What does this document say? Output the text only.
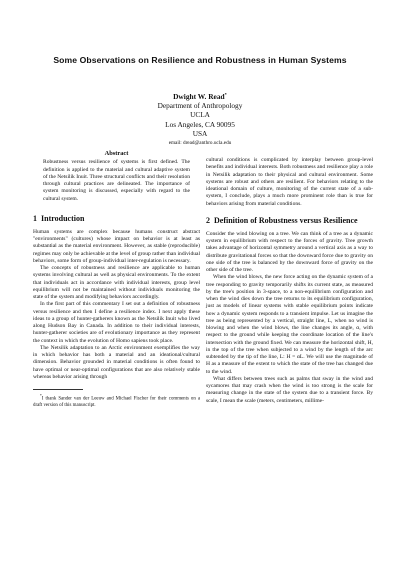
Some Observations on Resilience and Robustness in Human Systems
Dwight W. Read*
Department of Anthropology
UCLA
Los Angeles, CA 90095
USA
email: dread@anthro.ucla.edu
Abstract

Robustness versus resilience of systems is first defined. The definition is applied to the material and cultural adaptive system of the Netsilik Inuit. Three structural conflicts and their resolution through cultural practices are delineated. The importance of system monitoring is discussed, especially with regard to the cultural system.

1 Introduction

Human systems are complex because humans construct abstract "environments" (cultures) whose impact on behavior is at least as substantial as the material environment. However, as stable (reproducible) regimes may only be achievable at the level of group rather than individual behaviors, some form of group-individual inter-regulation is necessary.

The concepts of robustness and resilience are applicable to human systems involving cultural as well as physical environments. To the extent that individuals act in accordance with individual interests, group level equilibrium will not be maintained without individuals monitoring the state of the system and modifying behaviors accordingly.

In the first part of this commentary I set out a definition of robustness versus resilience and then I define a resilience index. I next apply these ideas to a group of hunter-gatherers known as the Netsilik Inuit who lived along Hudson Bay in Canada. In addition to their individual interests, hunter-gatherer societies are of evolutionary importance as they represent the context in which the evolution of Homo sapiens took place.

The Netsilik adaptation to an Arctic environment exemplifies the way in which behavior has both a material and an ideational/cultural dimension. Behavior grounded in material conditions is often found to have optimal or near-optimal configurations that are also relatively stable whereas behavior arising through

*I thank Sander van der Leeuw and Michael Fischer for their comments on a draft version of this manuscript.

cultural conditions is complicated by interplay between group-level benefits and individual interests. Both robustness and resilience play a role in Netsilik adaptation to their physical and cultural environment. Some systems are robust and others are resilient. For behaviors relating to the ideational domain of culture, monitoring of the current state of a sub-system, I conclude, plays a much more prominent role than is true for behaviors arising from material conditions.

2 Definition of Robustness versus Resilience

Consider the wind blowing on a tree. We can think of a tree as a dynamic system in equilibrium with respect to the forces of gravity. Tree growth takes advantage of horizontal symmetry around a vertical axis as a way to distribute gravitational forces so that the downward force due to gravity on one side of the tree is balanced by the downward force of gravity on the other side of the tree.

When the wind blows, the new force acting on the dynamic system of a tree responding to gravity temporarily shifts its current state, as measured by the tree's position in 3-space, to a non-equilibrium configuration and when the wind dies down the tree returns to its equilibrium configuration, just as models of linear systems with stable equilibrium points indicate how a dynamic system responds to a transient impulse. Let us imagine the tree as being represented by a vertical, straight line, L, when no wind is blowing and when the wind blows, the line changes its angle, α, with respect to the ground while keeping the coordinate location of the line's intersection with the ground fixed. We can measure the horizontal shift, H, in the top of the tree when subjected to a wind by the length of the arc subtended by the tip of the line, L: H = αL. We will use the magnitude of H as a measure of the extent to which the state of the tree has changed due to the wind.

What differs between trees such as palms that sway in the wind and sycamores that may crash when the wind is too strong is the scale for measuring change in the state of the system due to a transient force. By scale, I mean the scale (meters, centimeters, millime-
